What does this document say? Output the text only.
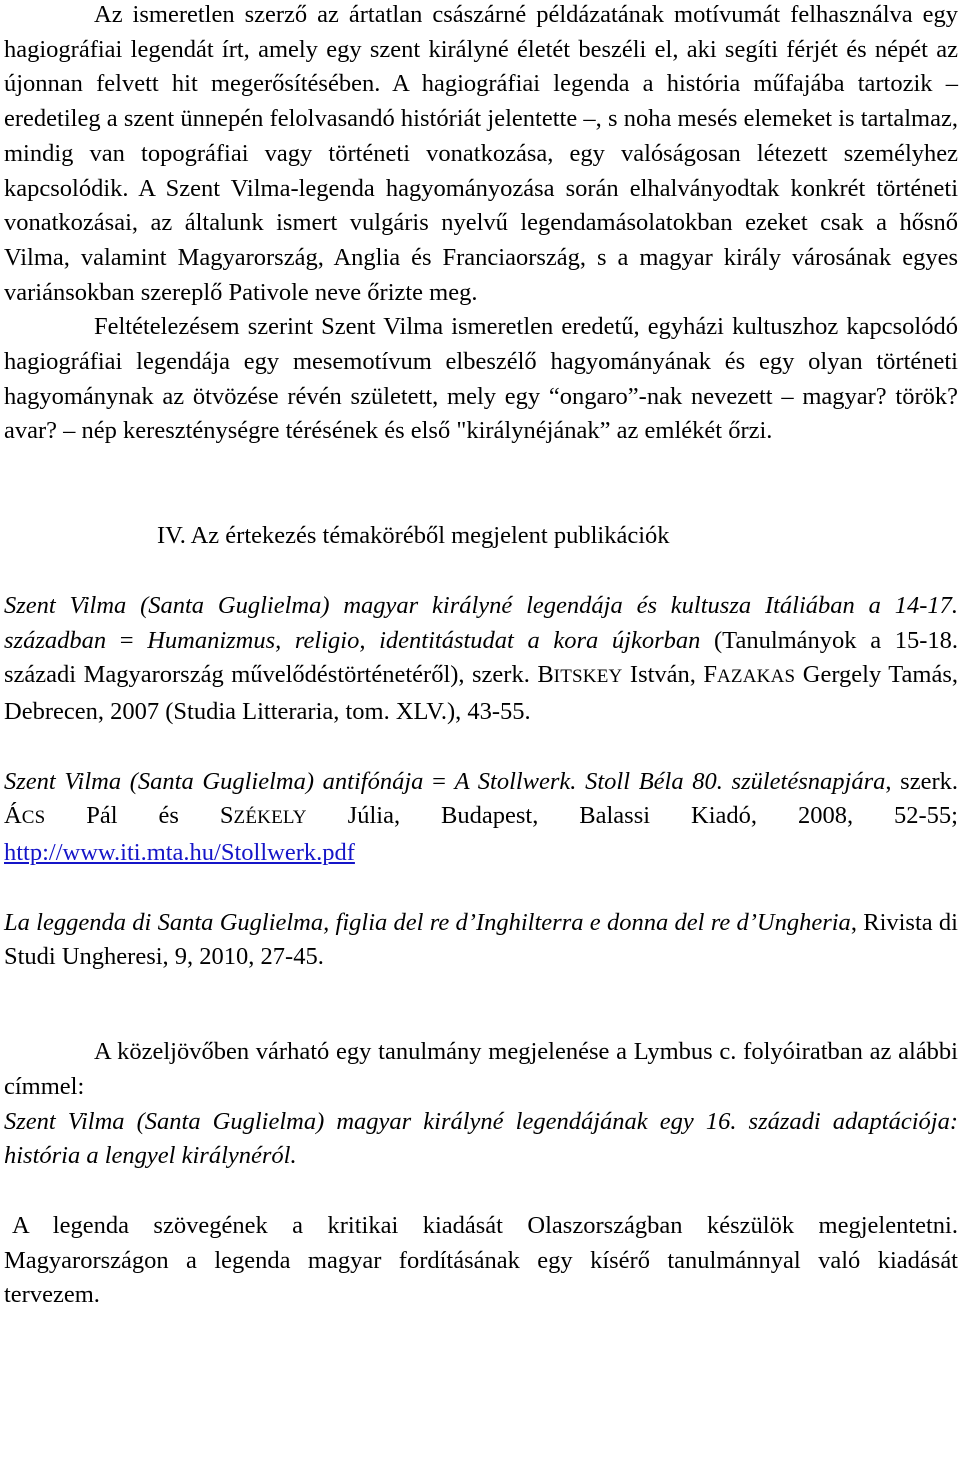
Az ismeretlen szerző az ártatlan császárné példázatának motívumát felhasználva egy hagiográfiai legendát írt, amely egy szent királyné életét beszéli el, aki segíti férjét és népét az újonnan felvett hit megerősítésében. A hagiográfiai legenda a história műfajába tartozik – eredetileg a szent ünnepén felolvasandó históriát jelentette –, s noha mesés elemeket is tartalmaz, mindig van topográfiai vagy történeti vonatkozása, egy valóságosan létezett személyhez kapcsolódik. A Szent Vilma-legenda hagyományozása során elhalványodtak konkrét történeti vonatkozásai, az általunk ismert vulgáris nyelvű legendamásolatokban ezeket csak a hősnő Vilma, valamint Magyarország, Anglia és Franciaország, s a magyar király városának egyes variánsokban szereplő Pativole neve őrizte meg.

Feltételezésem szerint Szent Vilma ismeretlen eredetű, egyházi kultuszhoz kapcsolódó hagiográfiai legendája egy mesemotívum elbeszélő hagyományának és egy olyan történeti hagyománynak az ötvözése révén született, mely egy “ongaro”-nak nevezett – magyar? török? avar? – nép kereszténységre térésének és első "királynéjának” az emlékét őrzi.

IV. Az értekezés témaköréből megjelent publikációk

Szent Vilma (Santa Guglielma) magyar királyné legendája és kultusza Itáliában a 14-17. században = Humanizmus, religio, identitástudat a kora újkorban (Tanulmányok a 15-18. századi Magyarország művelődéstörténetéről), szerk. BITSKEY István, FAZAKAS Gergely Tamás, Debrecen, 2007 (Studia Litteraria, tom. XLV.), 43-55.

Szent Vilma (Santa Guglielma) antifónája = A Stollwerk. Stoll Béla 80. születésnapjára, szerk. ÁCS Pál és SZÉKELY Júlia, Budapest, Balassi Kiadó, 2008, 52-55; http://www.iti.mta.hu/Stollwerk.pdf

La leggenda di Santa Guglielma, figlia del re d’Inghilterra e donna del re d’Ungheria, Rivista di Studi Ungheresi, 9, 2010, 27-45.

A közeljövőben várható egy tanulmány megjelenése a Lymbus c. folyóiratban az alábbi címmel:

Szent Vilma (Santa Guglielma) magyar királyné legendájának egy 16. századi adaptációja: história a lengyel királynéról.

A legenda szövegének a kritikai kiadását Olaszországban készülök megjelentetni. Magyarországon a legenda magyar fordításának egy kísérő tanulmánnyal való kiadását tervezem.
